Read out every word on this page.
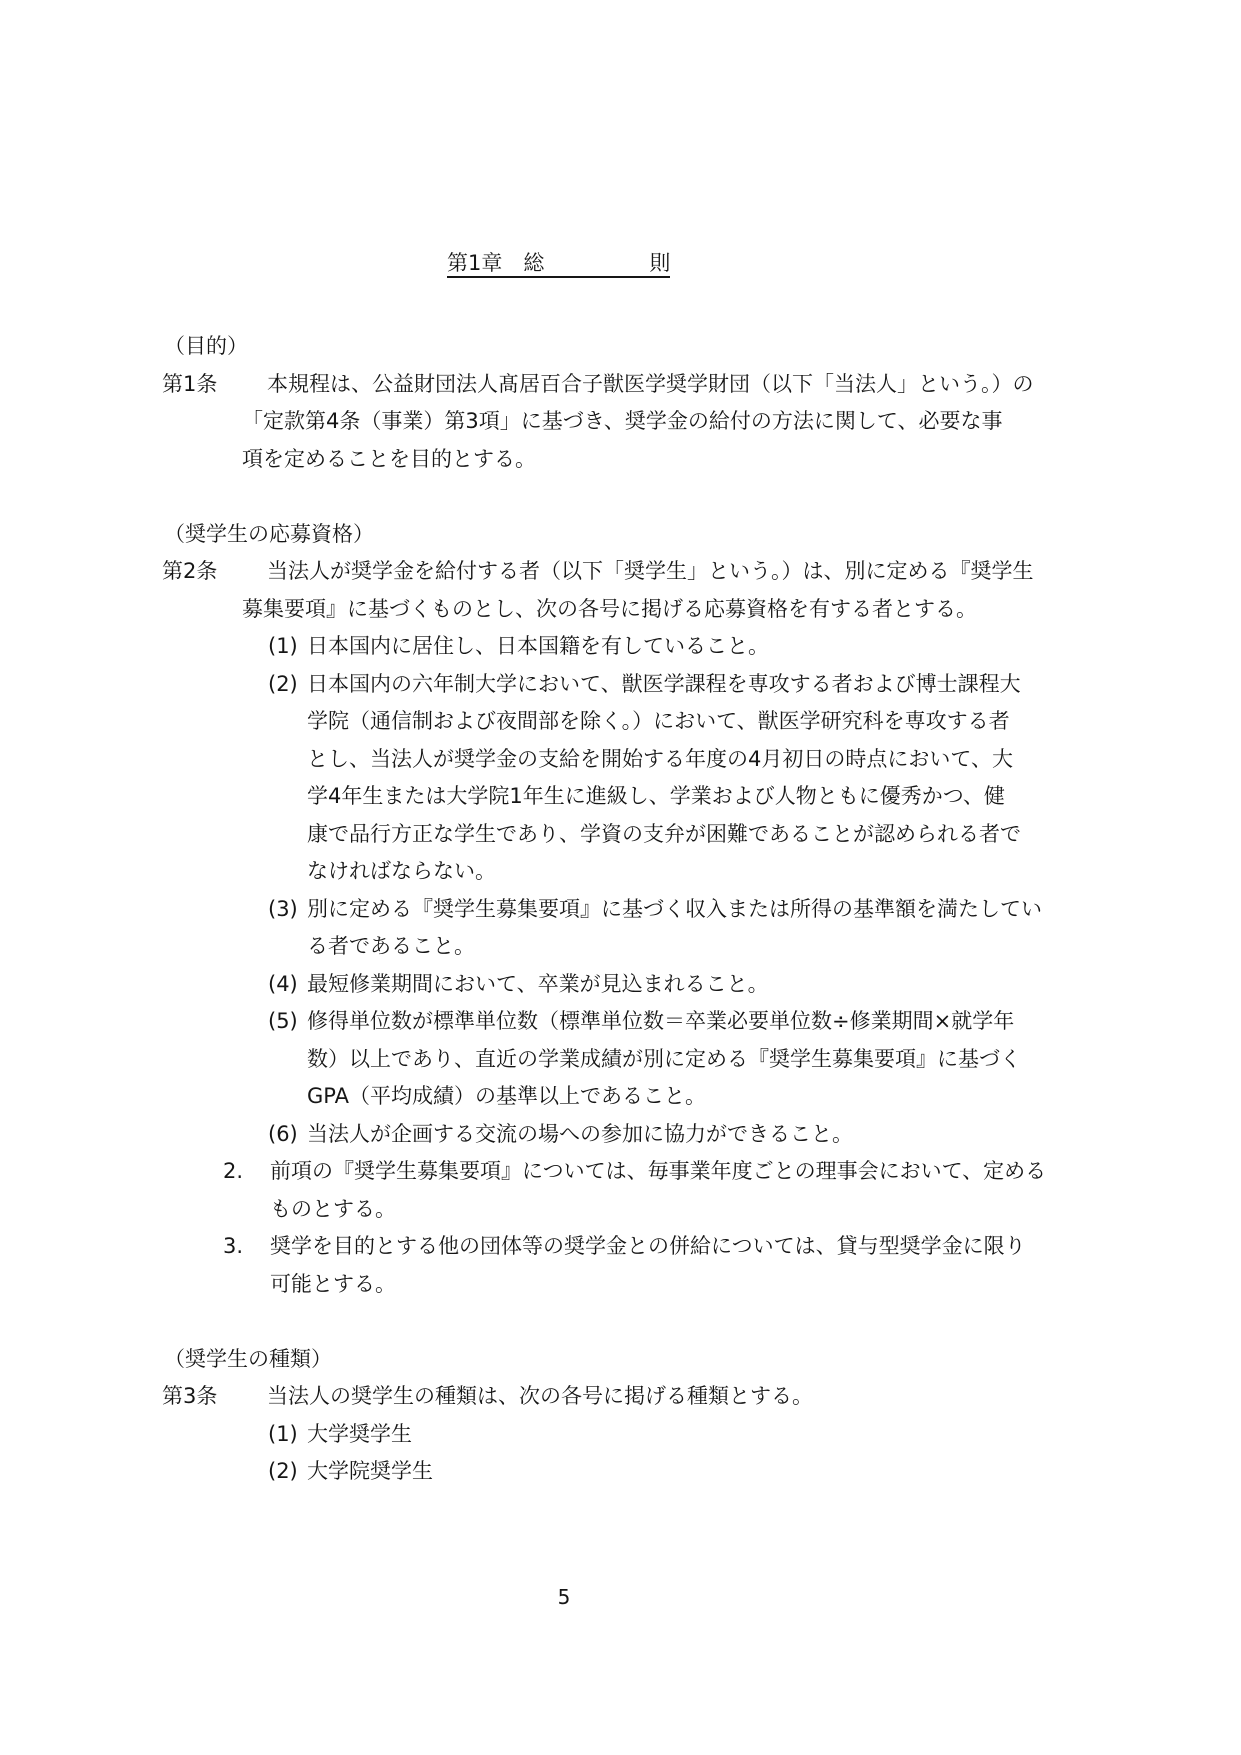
第1章　総　　　　　則
（目的）
第1条 本規程は、公益財団法人髙居百合子獣医学奨学財団（以下「当法人」という。）の
「定款第4条（事業）第3項」に基づき、奨学金の給付の方法に関して、必要な事
項を定めることを目的とする。
（奨学生の応募資格）
第2条 当法人が奨学金を給付する者（以下「奨学生」という。）は、別に定める『奨学生
募集要項』に基づくものとし、次の各号に掲げる応募資格を有する者とする。
(1) 日本国内に居住し、日本国籍を有していること。
(2) 日本国内の六年制大学において、獣医学課程を専攻する者および博士課程大
学院（通信制および夜間部を除く。）において、獣医学研究科を専攻する者
とし、当法人が奨学金の支給を開始する年度の4月初日の時点において、大
学4年生または大学院1年生に進級し、学業および人物ともに優秀かつ、健
康で品行方正な学生であり、学資の支弁が困難であることが認められる者で
なければならない。
(3) 別に定める『奨学生募集要項』に基づく収入または所得の基準額を満たしてい
る者であること。
(4) 最短修業期間において、卒業が見込まれること。
(5) 修得単位数が標準単位数（標準単位数＝卒業必要単位数÷修業期間×就学年
数）以上であり、直近の学業成績が別に定める『奨学生募集要項』に基づく
GPA（平均成績）の基準以上であること。
(6) 当法人が企画する交流の場への参加に協力ができること。
2. 前項の『奨学生募集要項』については、毎事業年度ごとの理事会において、定める
ものとする。
3. 奨学を目的とする他の団体等の奨学金との併給については、貸与型奨学金に限り
可能とする。
（奨学生の種類）
第3条 当法人の奨学生の種類は、次の各号に掲げる種類とする。
(1) 大学奨学生
(2) 大学院奨学生
5
